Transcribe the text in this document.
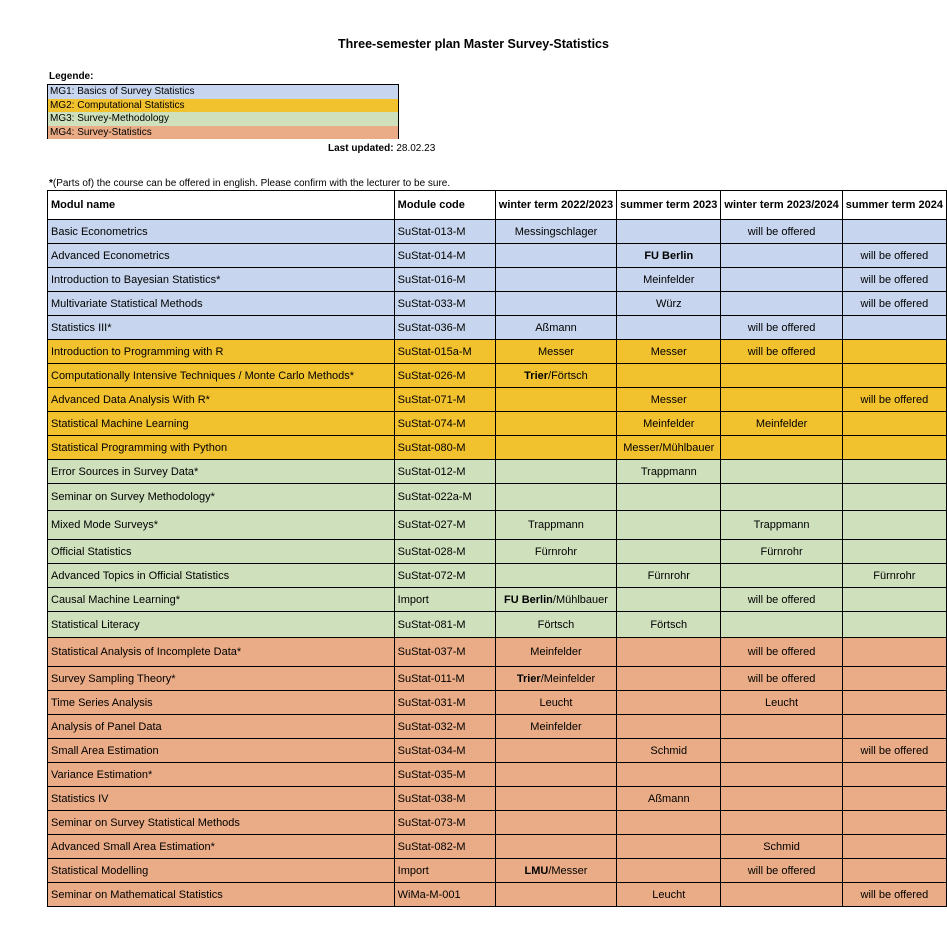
Three-semester plan Master Survey-Statistics
Legende:
MG1: Basics of Survey Statistics
MG2: Computational Statistics
MG3: Survey-Methodology
MG4: Survey-Statistics
Last updated: 28.02.23
*(Parts of) the course can be offered in english. Please confirm with the lecturer to be sure.
Modul name	Module code	winter term 2022/2023	summer term 2023	winter term 2023/2024	summer term 2024
Basic Econometrics	SuStat-013-M	Messingschlager		will be offered	
Advanced Econometrics	SuStat-014-M		FU Berlin		will be offered
Introduction to Bayesian Statistics*	SuStat-016-M		Meinfelder		will be offered
Multivariate Statistical Methods	SuStat-033-M		Würz		will be offered
Statistics III*	SuStat-036-M	Aßmann		will be offered	
Introduction to Programming with R	SuStat-015a-M	Messer	Messer	will be offered	
Computationally Intensive Techniques / Monte Carlo Methods*	SuStat-026-M	Trier/Förtsch			
Advanced Data Analysis With R*	SuStat-071-M		Messer		will be offered
Statistical Machine Learning	SuStat-074-M		Meinfelder	Meinfelder	
Statistical Programming with Python	SuStat-080-M		Messer/Mühlbauer		
Error Sources in Survey Data*	SuStat-012-M		Trappmann		
Seminar on Survey Methodology*	SuStat-022a-M				
Mixed Mode Surveys*	SuStat-027-M	Trappmann		Trappmann	
Official Statistics	SuStat-028-M	Fürnrohr		Fürnrohr	
Advanced Topics in Official Statistics	SuStat-072-M		Fürnrohr		Fürnrohr
Causal Machine Learning*	Import	FU Berlin/Mühlbauer		will be offered	
Statistical Literacy	SuStat-081-M	Förtsch	Förtsch		
Statistical Analysis of Incomplete Data*	SuStat-037-M	Meinfelder		will be offered	
Survey Sampling Theory*	SuStat-011-M	Trier/Meinfelder		will be offered	
Time Series Analysis	SuStat-031-M	Leucht		Leucht	
Analysis of Panel Data	SuStat-032-M	Meinfelder			
Small Area Estimation	SuStat-034-M		Schmid		will be offered
Variance Estimation*	SuStat-035-M				
Statistics IV	SuStat-038-M		Aßmann		
Seminar on Survey Statistical Methods	SuStat-073-M				
Advanced Small Area Estimation*	SuStat-082-M			Schmid	
Statistical Modelling	Import	LMU/Messer		will be offered	
Seminar on Mathematical Statistics	WiMa-M-001		Leucht		will be offered
